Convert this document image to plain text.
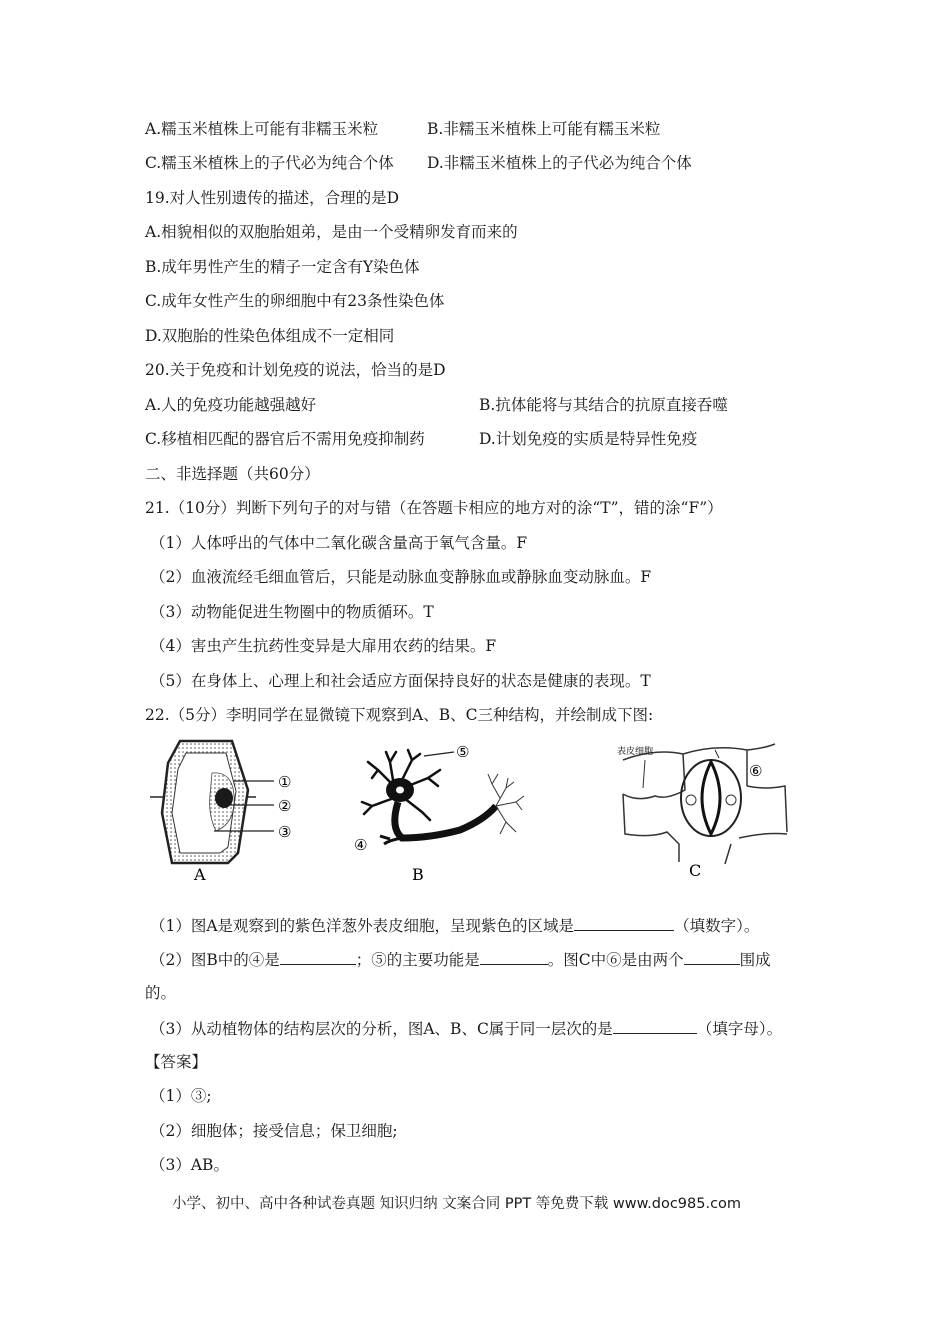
A.糯玉米植株上可能有非糯玉米粒	B.非糯玉米植株上可能有糯玉米粒
C.糯玉米植株上的子代必为纯合个体 D.非糯玉米植株上的子代必为纯合个体
19.对人性别遗传的描述，合理的是D
A.相貌相似的双胞胎姐弟，是由一个受精卵发育而来的
B.成年男性产生的精子一定含有Y染色体
C.成年女性产生的卵细胞中有23条性染色体
D.双胞胎的性染色体组成不一定相同
20.关于免疫和计划免疫的说法，恰当的是D
A.人的免疫功能越强越好	B.抗体能将与其结合的抗原直接吞噬
C.移植相匹配的器官后不需用免疫抑制药	D.计划免疫的实质是特异性免疫
二、非选择题（共60分）
21.（10分）判断下列句子的对与错（在答题卡相应的地方对的涂“T”，错的涂“F”）
（1）人体呼出的气体中二氧化碳含量高于氧气含量。F
（2）血液流经毛细血管后，只能是动脉血变静脉血或静脉血变动脉血。F
（3）动物能促进生物圈中的物质循环。T
（4）害虫产生抗药性变异是大扉用农药的结果。F
（5）在身体上、心理上和社会适应方面保持良好的状态是健康的表现。T
22.（5分）李明同学在显微镜下观察到A、B、C三种结构，并绘制成下图:
①
②
③
A
⑤
④
B
表皮细胞
⑥
C
（1）图A是观察到的紫色洋葱外表皮细胞，呈现紫色的区域是	（填数字）。
（2）图B中的④是	；⑤的主要功能是	。图C中⑥是由两个	围成
的。
（3）从动植物体的结构层次的分析，图A、B、C属于同一层次的是	（填字母）。
【答案】
（1）③;
（2）细胞体；接受信息；保卫细胞;
（3）AB。
小学、初中、高中各种试卷真题 知识归纳 文案合同 PPT 等免费下载 www.doc985.com
